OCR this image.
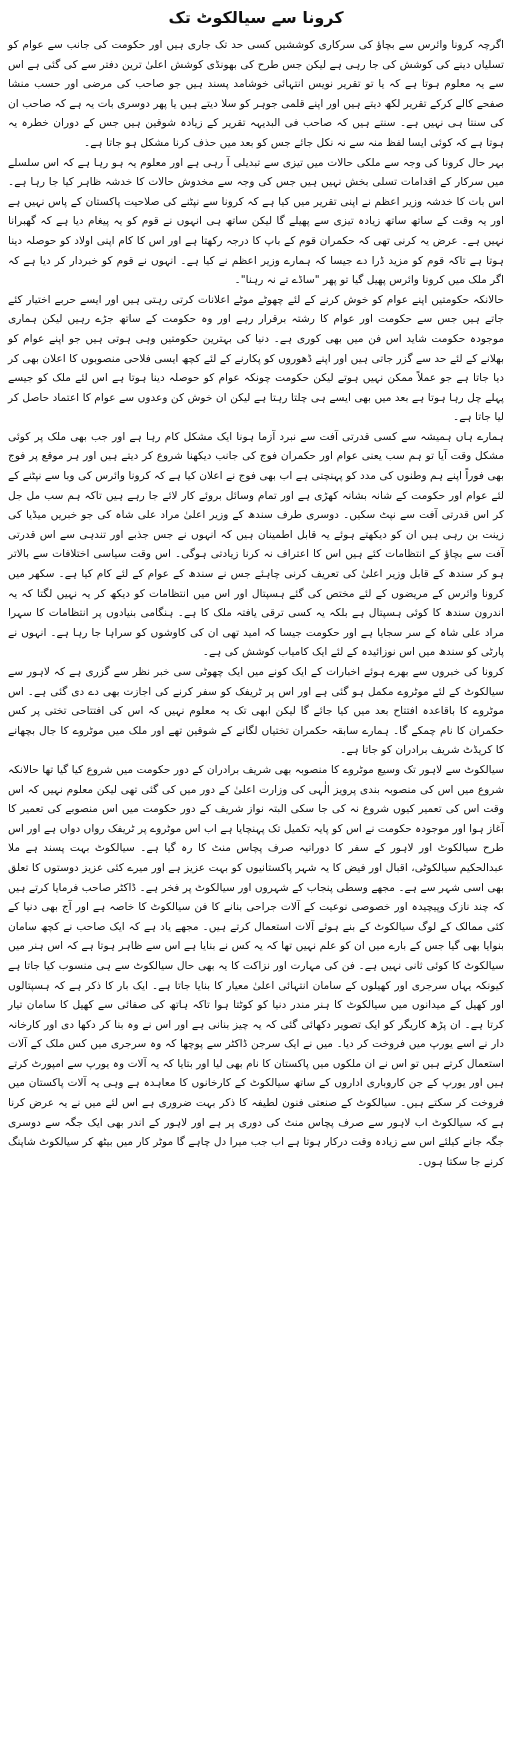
کرونا سے سیالکوٹ تک

اگرچہ کرونا وائرس سے بچاؤ کی سرکاری کوششیں کسی حد تک جاری ہیں اور حکومت کی جانب سے عوام کو تسلیاں دینے کی کوشش کی جا رہی ہے لیکن جس طرح کی بھونڈی کوشش اعلیٰ ترین دفتر سے کی گئی ہے اس سے یہ معلوم ہوتا ہے کہ یا تو تقریر نویس انتہائی خوشامد پسند ہیں جو صاحب کی مرضی اور حسب منشا صفحے کالے کرکے تقریر لکھ دیتے ہیں اور اپنے قلمی جوہر کو سلا دیتے ہیں یا پھر دوسری بات یہ ہے کہ صاحب ان کی سنتا ہی نہیں ہے۔ سنتے ہیں کہ صاحب فی البدیہہ تقریر کے زیادہ شوقین ہیں جس کے دوران خطرہ یہ ہوتا ہے کہ کوئی ایسا لفظ منہ سے نہ نکل جائے جس کو بعد میں حذف کرنا مشکل ہو جاتا ہے۔

بہر حال کرونا کی وجہ سے ملکی حالات میں تیزی سے تبدیلی آ رہی ہے اور معلوم یہ ہو رہا ہے کہ اس سلسلے میں سرکار کے اقدامات تسلی بخش نہیں ہیں جس کی وجہ سے مخدوش حالات کا خدشہ ظاہر کیا جا رہا ہے۔ اس بات کا خدشہ وزیر اعظم نے اپنی تقریر میں کیا ہے کہ کرونا سے نپٹنے کی صلاحیت پاکستان کے پاس نہیں ہے اور یہ وقت کے ساتھ ساتھ زیادہ تیزی سے پھیلے گا لیکن ساتھ ہی انہوں نے قوم کو یہ پیغام دیا ہے کہ گھبرانا نہیں ہے۔ عرض یہ کرنی تھی کہ حکمران قوم کے باپ کا درجہ رکھتا ہے اور اس کا کام اپنی اولاد کو حوصلہ دینا ہوتا ہے تاکہ قوم کو مزید ڈرا دے جیسا کہ ہمارے وزیر اعظم نے کیا ہے۔ انہوں نے قوم کو خبردار کر دیا ہے کہ اگر ملک میں کرونا وائرس پھیل گیا تو پھر "ساڈے تے نہ رہنا"۔

حالانکہ حکومتیں اپنے عوام کو خوش کرنے کے لئے چھوٹے موٹے اعلانات کرتی رہتی ہیں اور ایسے حربے اختیار کئے جاتے ہیں جس سے حکومت اور عوام کا رشتہ برقرار رہے اور وہ حکومت کے ساتھ جڑے رہیں لیکن ہماری موجودہ حکومت شاید اس فن میں بھی کوری ہے۔ دنیا کی بہترین حکومتیں وہی ہوتی ہیں جو اپنے عوام کو بھلانے کے لئے حد سے گزر جاتی ہیں اور اپنے ڈھوروں کو پکارنے کے لئے کچھ ایسی فلاحی منصوبوں کا اعلان بھی کر دیا جاتا ہے جو عملاً ممکن نہیں ہوتے لیکن حکومت چونکہ عوام کو حوصلہ دینا ہوتا ہے اس لئے ملک کو جیسے پہلے چل رہا ہوتا ہے بعد میں بھی ایسے ہی چلتا رہتا ہے لیکن ان خوش کن وعدوں سے عوام کا اعتماد حاصل کر لیا جاتا ہے۔

ہمارے ہاں ہمیشہ سے کسی قدرتی آفت سے نبرد آزما ہونا ایک مشکل کام رہا ہے اور جب بھی ملک پر کوئی مشکل وقت آیا تو ہم سب یعنی عوام اور حکمران فوج کی جانب دیکھنا شروع کر دیتے ہیں اور ہر موقع پر فوج بھی فوراً اپنے ہم وطنوں کی مدد کو پہنچتی ہے اب بھی فوج نے اعلان کیا ہے کہ کرونا وائرس کی وبا سے نپٹنے کے لئے عوام اور حکومت کے شانہ بشانہ کھڑی ہے اور تمام وسائل بروئے کار لائے جا رہے ہیں تاکہ ہم سب مل جل کر اس قدرتی آفت سے نپٹ سکیں۔ دوسری طرف سندھ کے وزیر اعلیٰ مراد علی شاہ کی جو خبریں میڈیا کی زینت بن رہی ہیں ان کو دیکھتے ہوئے یہ قابل اطمینان ہیں کہ انہوں نے جس جذبے اور تندہی سے اس قدرتی آفت سے بچاؤ کے انتظامات کئے ہیں اس کا اعتراف نہ کرنا زیادتی ہوگی۔ اس وقت سیاسی اختلافات سے بالاتر ہو کر سندھ کے قابل وزیر اعلیٰ کی تعریف کرنی چاہئے جس نے سندھ کے عوام کے لئے کام کیا ہے۔ سکھر میں کرونا وائرس کے مریضوں کے لئے مختص کی گئے ہسپتال اور اس میں انتظامات کو دیکھ کر یہ نہیں لگتا کہ یہ اندرون سندھ کا کوئی ہسپتال ہے بلکہ یہ کسی ترقی یافتہ ملک کا ہے۔ ہنگامی بنیادوں پر انتظامات کا سہرا مراد علی شاہ کے سر سجایا ہے اور حکومت جیسا کہ امید تھی ان کی کاوشوں کو سراہا جا رہا ہے۔ انہوں نے پارٹی کو سندھ میں اس نوزائیدہ کے لئے ایک کامیاب کوشش کی ہے۔

کرونا کی خبروں سے بھرے ہوئے اخبارات کے ایک کونے میں ایک چھوٹی سی خبر نظر سے گزری ہے کہ لاہور سے سیالکوٹ کے لئے موٹروے مکمل ہو گئی ہے اور اس پر ٹریفک کو سفر کرنے کی اجازت بھی دے دی گئی ہے۔ اس موٹروے کا باقاعدہ افتتاح بعد میں کیا جائے گا لیکن ابھی تک یہ معلوم نہیں کہ اس کی افتتاحی تختی پر کس حکمران کا نام چمکے گا۔ ہمارے سابقہ حکمران تختیاں لگانے کے شوقین تھے اور ملک میں موٹروے کا جال بچھانے کا کریڈٹ شریف برادران کو جاتا ہے۔

سیالکوٹ سے لاہور تک وسیع موٹروے کا منصوبہ بھی شریف برادران کے دور حکومت میں شروع کیا گیا تھا حالانکہ شروع میں اس کی منصوبہ بندی پرویز الٰہی کی وزارت اعلیٰ کے دور میں کی گئی تھی لیکن معلوم نہیں کہ اس وقت اس کی تعمیر کیوں شروع نہ کی جا سکی البتہ نواز شریف کے دور حکومت میں اس منصوبے کی تعمیر کا آغاز ہوا اور موجودہ حکومت نے اس کو پایہ تکمیل تک پہنچایا ہے اب اس موٹروے پر ٹریفک رواں دواں ہے اور اس طرح سیالکوٹ اور لاہور کے سفر کا دورانیہ صرف پچاس منٹ کا رہ گیا ہے۔ سیالکوٹ بہت پسند ہے ملا عبدالحکیم سیالکوٹی، اقبال اور فیض کا یہ شہر پاکستانیوں کو بہت عزیز ہے اور میرے کئی عزیز دوستوں کا تعلق بھی اسی شہر سے ہے۔ مجھے وسطی پنجاب کے شہروں اور سیالکوٹ پر فخر ہے۔ ڈاکٹر صاحب فرمایا کرتے ہیں کہ چند نازک وپیچیدہ اور خصوصی نوعیت کے آلات جراحی بنانے کا فن سیالکوٹ کا خاصہ ہے اور آج بھی دنیا کے کئی ممالک کے لوگ سیالکوٹ کے بنے ہوئے آلات استعمال کرتے ہیں۔ مجھے یاد ہے کہ ایک صاحب نے کچھ سامان بنوایا بھی گیا جس کے بارے میں ان کو علم نہیں تھا کہ یہ کس نے بنایا ہے اس سے ظاہر ہوتا ہے کہ اس ہنر میں سیالکوٹ کا کوئی ثانی نہیں ہے۔ فن کی مہارت اور نزاکت کا یہ بھی حال سیالکوٹ سے ہی منسوب کیا جاتا ہے کیونکہ یہاں سرجری اور کھیلوں کے سامان انتہائی اعلیٰ معیار کا بنایا جاتا ہے۔ ایک بار کا ذکر ہے کہ ہسپتالوں اور کھیل کے میدانوں میں سیالکوٹ کا ہنر مندر دنیا کو کوٹتا ہوا تاکہ ہاتھ کی صفائی سے کھیل کا سامان تیار کرتا ہے۔ ان پڑھ کاریگر کو ایک تصویر دکھائی گئی کہ یہ چیز بنانی ہے اور اس نے وہ بنا کر دکھا دی اور کارخانہ دار نے اسے یورپ میں فروخت کر دیا۔ میں نے ایک سرجن ڈاکٹر سے پوچھا کہ وہ سرجری میں کس ملک کے آلات استعمال کرتے ہیں تو اس نے ان ملکوں میں پاکستان کا نام بھی لیا اور بتایا کہ یہ آلات وہ یورپ سے امپورٹ کرتے ہیں اور یورپ کے جن کاروباری اداروں کے ساتھ سیالکوٹ کے کارخانوں کا معاہدہ ہے وہی یہ آلات پاکستان میں فروخت کر سکتے ہیں۔ سیالکوٹ کے صنعتی فنون لطیفہ کا ذکر بہت ضروری ہے اس لئے میں نے یہ عرض کرنا ہے کہ سیالکوٹ اب لاہور سے صرف پچاس منٹ کی دوری پر ہے اور لاہور کے اندر بھی ایک جگہ سے دوسری جگہ جانے کیلئے اس سے زیادہ وقت درکار ہوتا ہے اب جب میرا دل چاہے گا موٹر کار میں بیٹھ کر سیالکوٹ شاپنگ کرنے جا سکتا ہوں۔
